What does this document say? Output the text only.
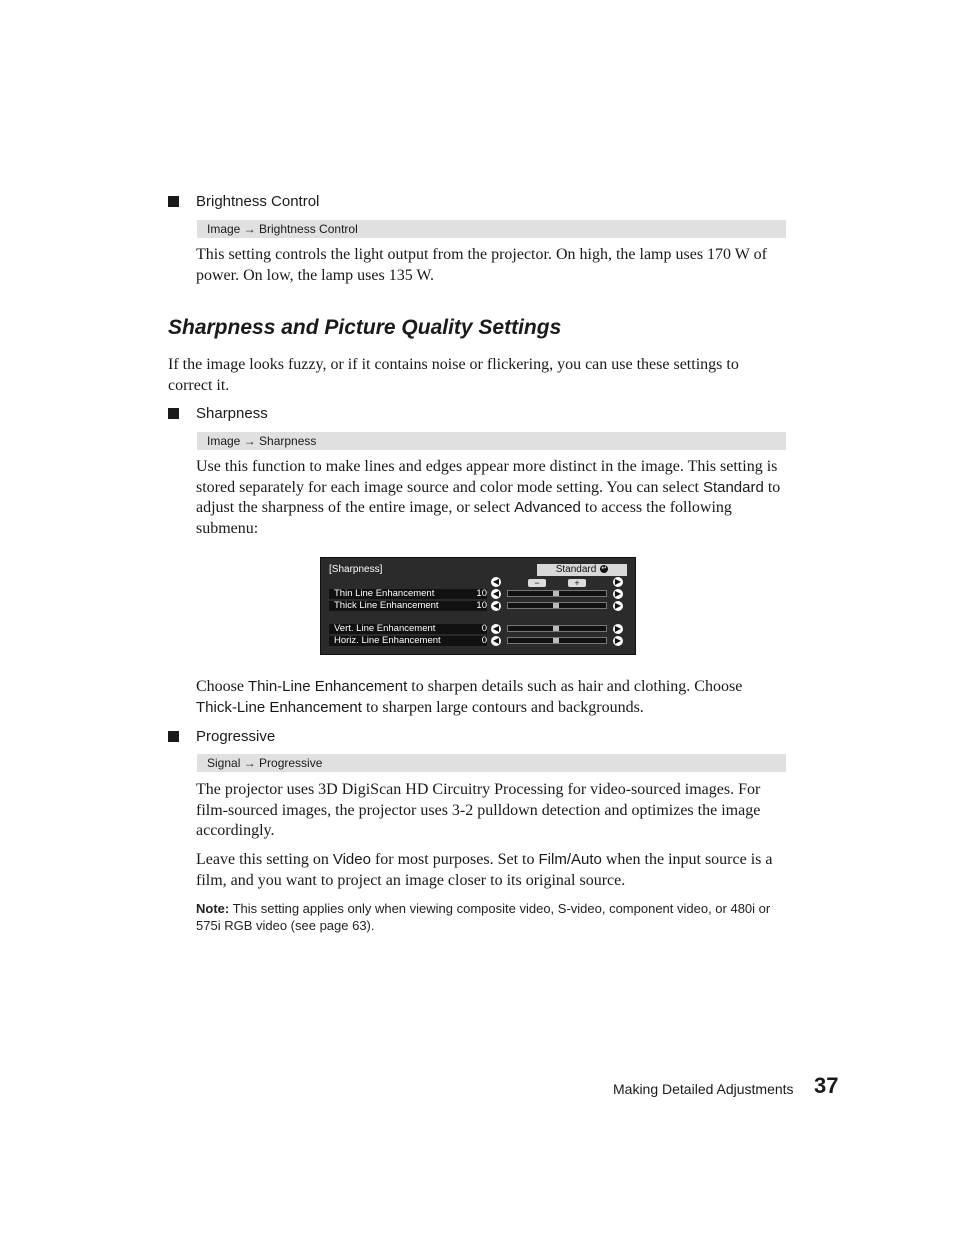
Brightness Control
Image → Brightness Control
This setting controls the light output from the projector. On high, the lamp uses 170 W of power. On low, the lamp uses 135 W.
Sharpness and Picture Quality Settings
If the image looks fuzzy, or if it contains noise or flickering, you can use these settings to correct it.
Sharpness
Image → Sharpness
Use this function to make lines and edges appear more distinct in the image. This setting is stored separately for each image source and color mode setting. You can select Standard to adjust the sharpness of the entire image, or select Advanced to access the following submenu:
[Sharpness]	Standard ↵
◀	−	+	▶
Thin Line Enhancement	10 ◀	▶
Thick Line Enhancement	10 ◀	▶
Vert. Line Enhancement	0 ◀	▶
Horiz. Line Enhancement	0 ◀	▶
Choose Thin-Line Enhancement to sharpen details such as hair and clothing. Choose Thick-Line Enhancement to sharpen large contours and backgrounds.
Progressive
Signal → Progressive
The projector uses 3D DigiScan HD Circuitry Processing for video-sourced images. For film-sourced images, the projector uses 3-2 pulldown detection and optimizes the image accordingly.
Leave this setting on Video for most purposes. Set to Film/Auto when the input source is a film, and you want to project an image closer to its original source.
Note: This setting applies only when viewing composite video, S-video, component video, or 480i or 575i RGB video (see page 63).
Making Detailed Adjustments 37
